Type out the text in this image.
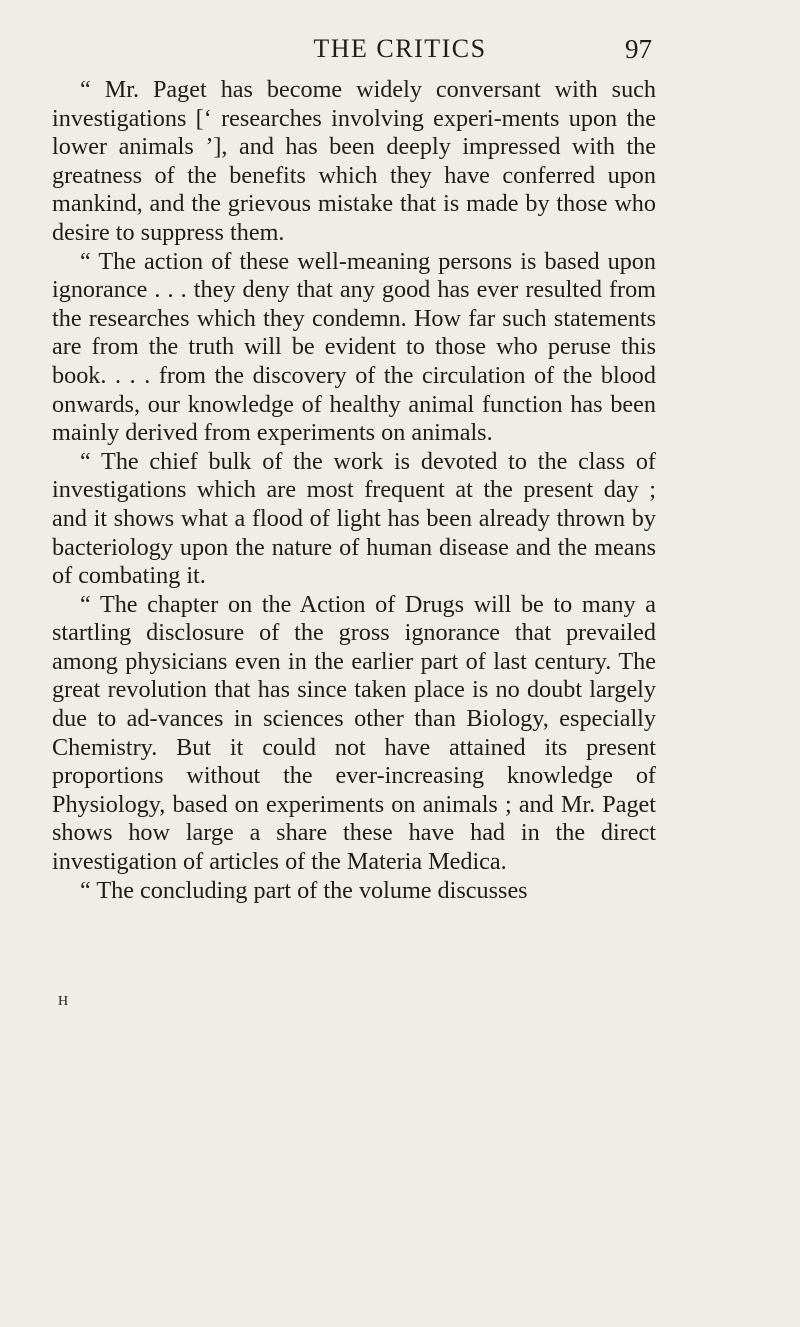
THE CRITICS	97

“ Mr. Paget has become widely conversant with such investigations [‘ researches involving experi-ments upon the lower animals ’], and has been deeply impressed with the greatness of the benefits which they have conferred upon mankind, and the grievous mistake that is made by those who desire to suppress them.

“ The action of these well-meaning persons is based upon ignorance . . . they deny that any good has ever resulted from the researches which they condemn. How far such statements are from the truth will be evident to those who peruse this book. . . . from the discovery of the circulation of the blood onwards, our knowledge of healthy animal function has been mainly derived from experiments on animals.

“ The chief bulk of the work is devoted to the class of investigations which are most frequent at the present day ; and it shows what a flood of light has been already thrown by bacteriology upon the nature of human disease and the means of combating it.

“ The chapter on the Action of Drugs will be to many a startling disclosure of the gross ignorance that prevailed among physicians even in the earlier part of last century. The great revolution that has since taken place is no doubt largely due to ad-vances in sciences other than Biology, especially Chemistry. But it could not have attained its present proportions without the ever-increasing knowledge of Physiology, based on experiments on animals ; and Mr. Paget shows how large a share these have had in the direct investigation of articles of the Materia Medica.

“ The concluding part of the volume discusses

H
